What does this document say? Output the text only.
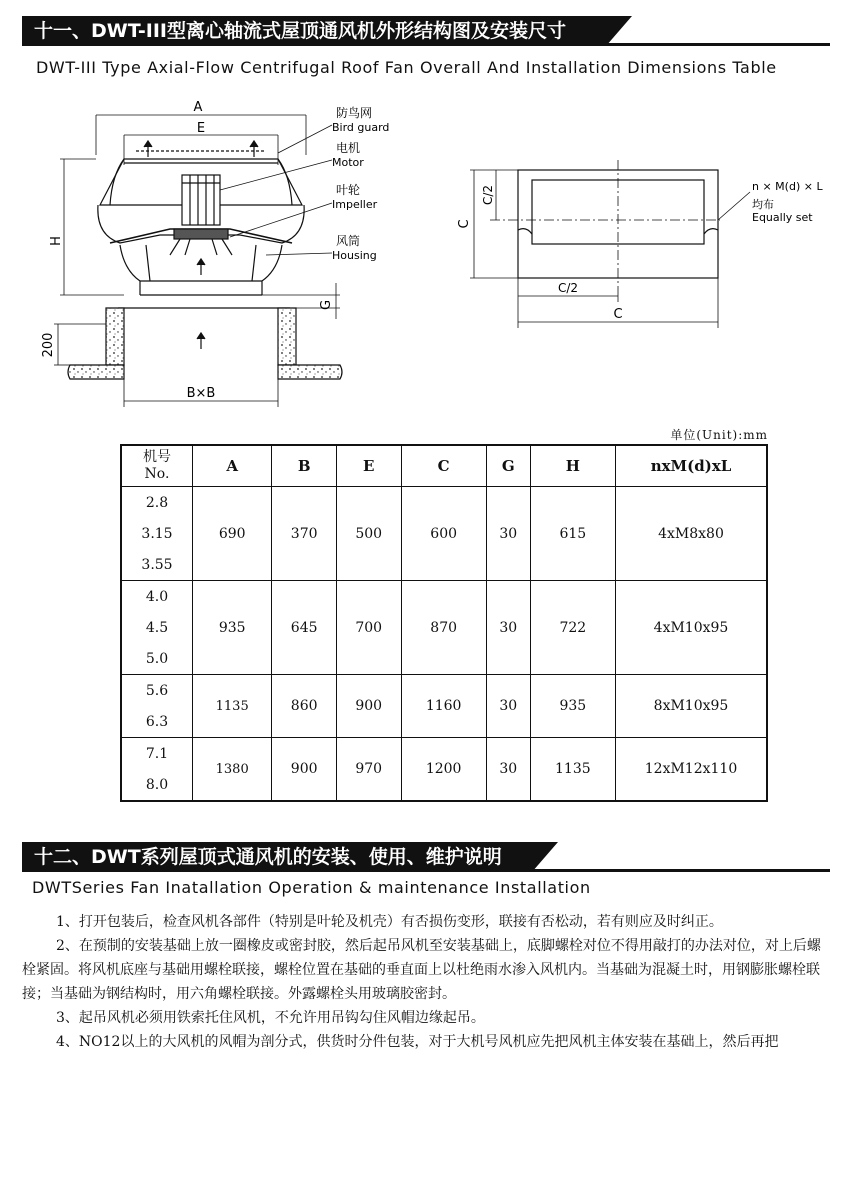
十一、DWT-III型离心轴流式屋顶通风机外形结构图及安装尺寸
DWT-III Type Axial-Flow Centrifugal Roof Fan Overall And Installation Dimensions Table
A
E
H
G
200
B×B
防鸟网
Bird guard
电机
Motor
叶轮
Impeller
风筒
Housing
C
C/2
C/2
C
n × M(d) × L
均布
Equally set
单位(Unit):mm
机号
No.	A	B	E	C	G	H	nxM(d)xL
2.8	690	370	500	600	30	615	4xM8x80
3.15							
3.55							
4.0	935	645	700	870	30	722	4xM10x95
4.5							
5.0							
5.6	1135	860	900	1160	30	935	8xM10x95
6.3							
7.1	1380	900	970	1200	30	1135	12xM12x110
8.0							
十二、DWT系列屋顶式通风机的安装、使用、维护说明
DWTSeries Fan Inatallation Operation & maintenance Installation

1、打开包装后，检查风机各部件（特别是叶轮及机壳）有否损伤变形，联接有否松动，若有则应及时纠正。

2、在预制的安装基础上放一圈橡皮或密封胶，然后起吊风机至安装基础上，底脚螺栓对位不得用敲打的办法对位，对上后螺栓紧固。将风机底座与基础用螺栓联接，螺栓位置在基础的垂直面上以杜绝雨水渗入风机内。当基础为混凝土时，用钢膨胀螺栓联接；当基础为钢结构时，用六角螺栓联接。外露螺栓头用玻璃胶密封。

3、起吊风机必须用铁索托住风机，不允许用吊钩勾住风帽边缘起吊。

4、NO12以上的大风机的风帽为剖分式，供货时分件包装，对于大机号风机应先把风机主体安装在基础上，然后再把
